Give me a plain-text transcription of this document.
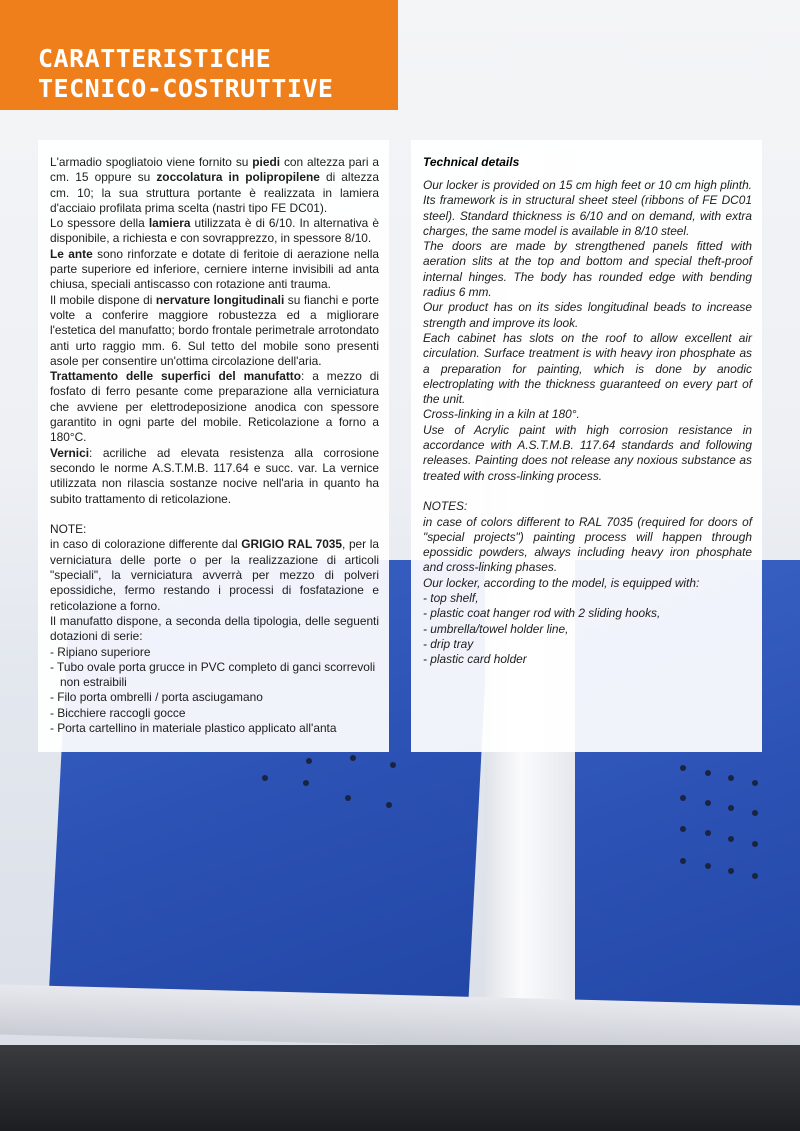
CARATTERISTICHE
TECNICO-COSTRUTTIVE

L'armadio spogliatoio viene fornito su piedi con altezza pari a cm. 15 oppure su zoccolatura in polipropilene di altezza cm. 10; la sua struttura portante è realizzata in lamiera d'acciaio profilata prima scelta (nastri tipo FE DC01).

Lo spessore della lamiera utilizzata è di 6/10. In alternativa è disponibile, a richiesta e con sovrapprezzo, in spessore 8/10.

Le ante sono rinforzate e dotate di feritoie di aerazione nella parte superiore ed inferiore, cerniere interne invisibili ad anta chiusa, speciali antiscasso con rotazione anti trauma.

Il mobile dispone di nervature longitudinali su fianchi e porte volte a conferire maggiore robustezza ed a migliorare l'estetica del manufatto; bordo frontale perimetrale arrotondato anti urto raggio mm. 6. Sul tetto del mobile sono presenti asole per consentire un'ottima circolazione dell'aria.

Trattamento delle superfici del manufatto: a mezzo di fosfato di ferro pesante come preparazione alla verniciatura che avviene per elettrodeposizione anodica con spessore garantito in ogni parte del mobile. Reticolazione a forno a 180°C.

Vernici: acriliche ad elevata resistenza alla corrosione secondo le norme A.S.T.M.B. 117.64 e succ. var. La vernice utilizzata non rilascia sostanze nocive nell'aria in quanto ha subito trattamento di reticolazione.

NOTE:

in caso di colorazione differente dal GRIGIO RAL 7035, per la verniciatura delle porte o per la realizzazione di articoli "speciali", la verniciatura avverrà per mezzo di polveri epossidiche, fermo restando i processi di fosfatazione e reticolazione a forno.

Il manufatto dispone, a seconda della tipologia, delle seguenti dotazioni di serie:

- Ripiano superiore

- Tubo ovale porta grucce in PVC completo di ganci scorrevoli non estraibili

- Filo porta ombrelli / porta asciugamano

- Bicchiere raccogli gocce

- Porta cartellino in materiale plastico applicato all'anta

Technical details

Our locker is provided on 15 cm high feet or 10 cm high plinth. Its framework is in structural sheet steel (ribbons of FE DC01 steel). Standard thickness is 6/10 and on demand, with extra charges, the same model is available in 8/10 steel.

The doors are made by strengthened panels fitted with aeration slits at the top and bottom and special theft-proof internal hinges. The body has rounded edge with bending radius 6 mm.

Our product has on its sides longitudinal beads to increase strength and improve its look.

Each cabinet has slots on the roof to allow excellent air circulation. Surface treatment is with heavy iron phosphate as a preparation for painting, which is done by anodic electroplating with the thickness guaranteed on every part of the unit.

Cross-linking in a kiln at 180°.

Use of Acrylic paint with high corrosion resistance in accordance with A.S.T.M.B. 117.64 standards and following releases. Painting does not release any noxious substance as treated with cross-linking process.

NOTES:

in case of colors different to RAL 7035 (required for doors of "special projects") painting process will happen through epossidic powders, always including heavy iron phosphate and cross-linking phases.

Our locker, according to the model, is equipped with:

- top shelf,

- plastic coat hanger rod with 2 sliding hooks,

- umbrella/towel holder line,

- drip tray

- plastic card holder
